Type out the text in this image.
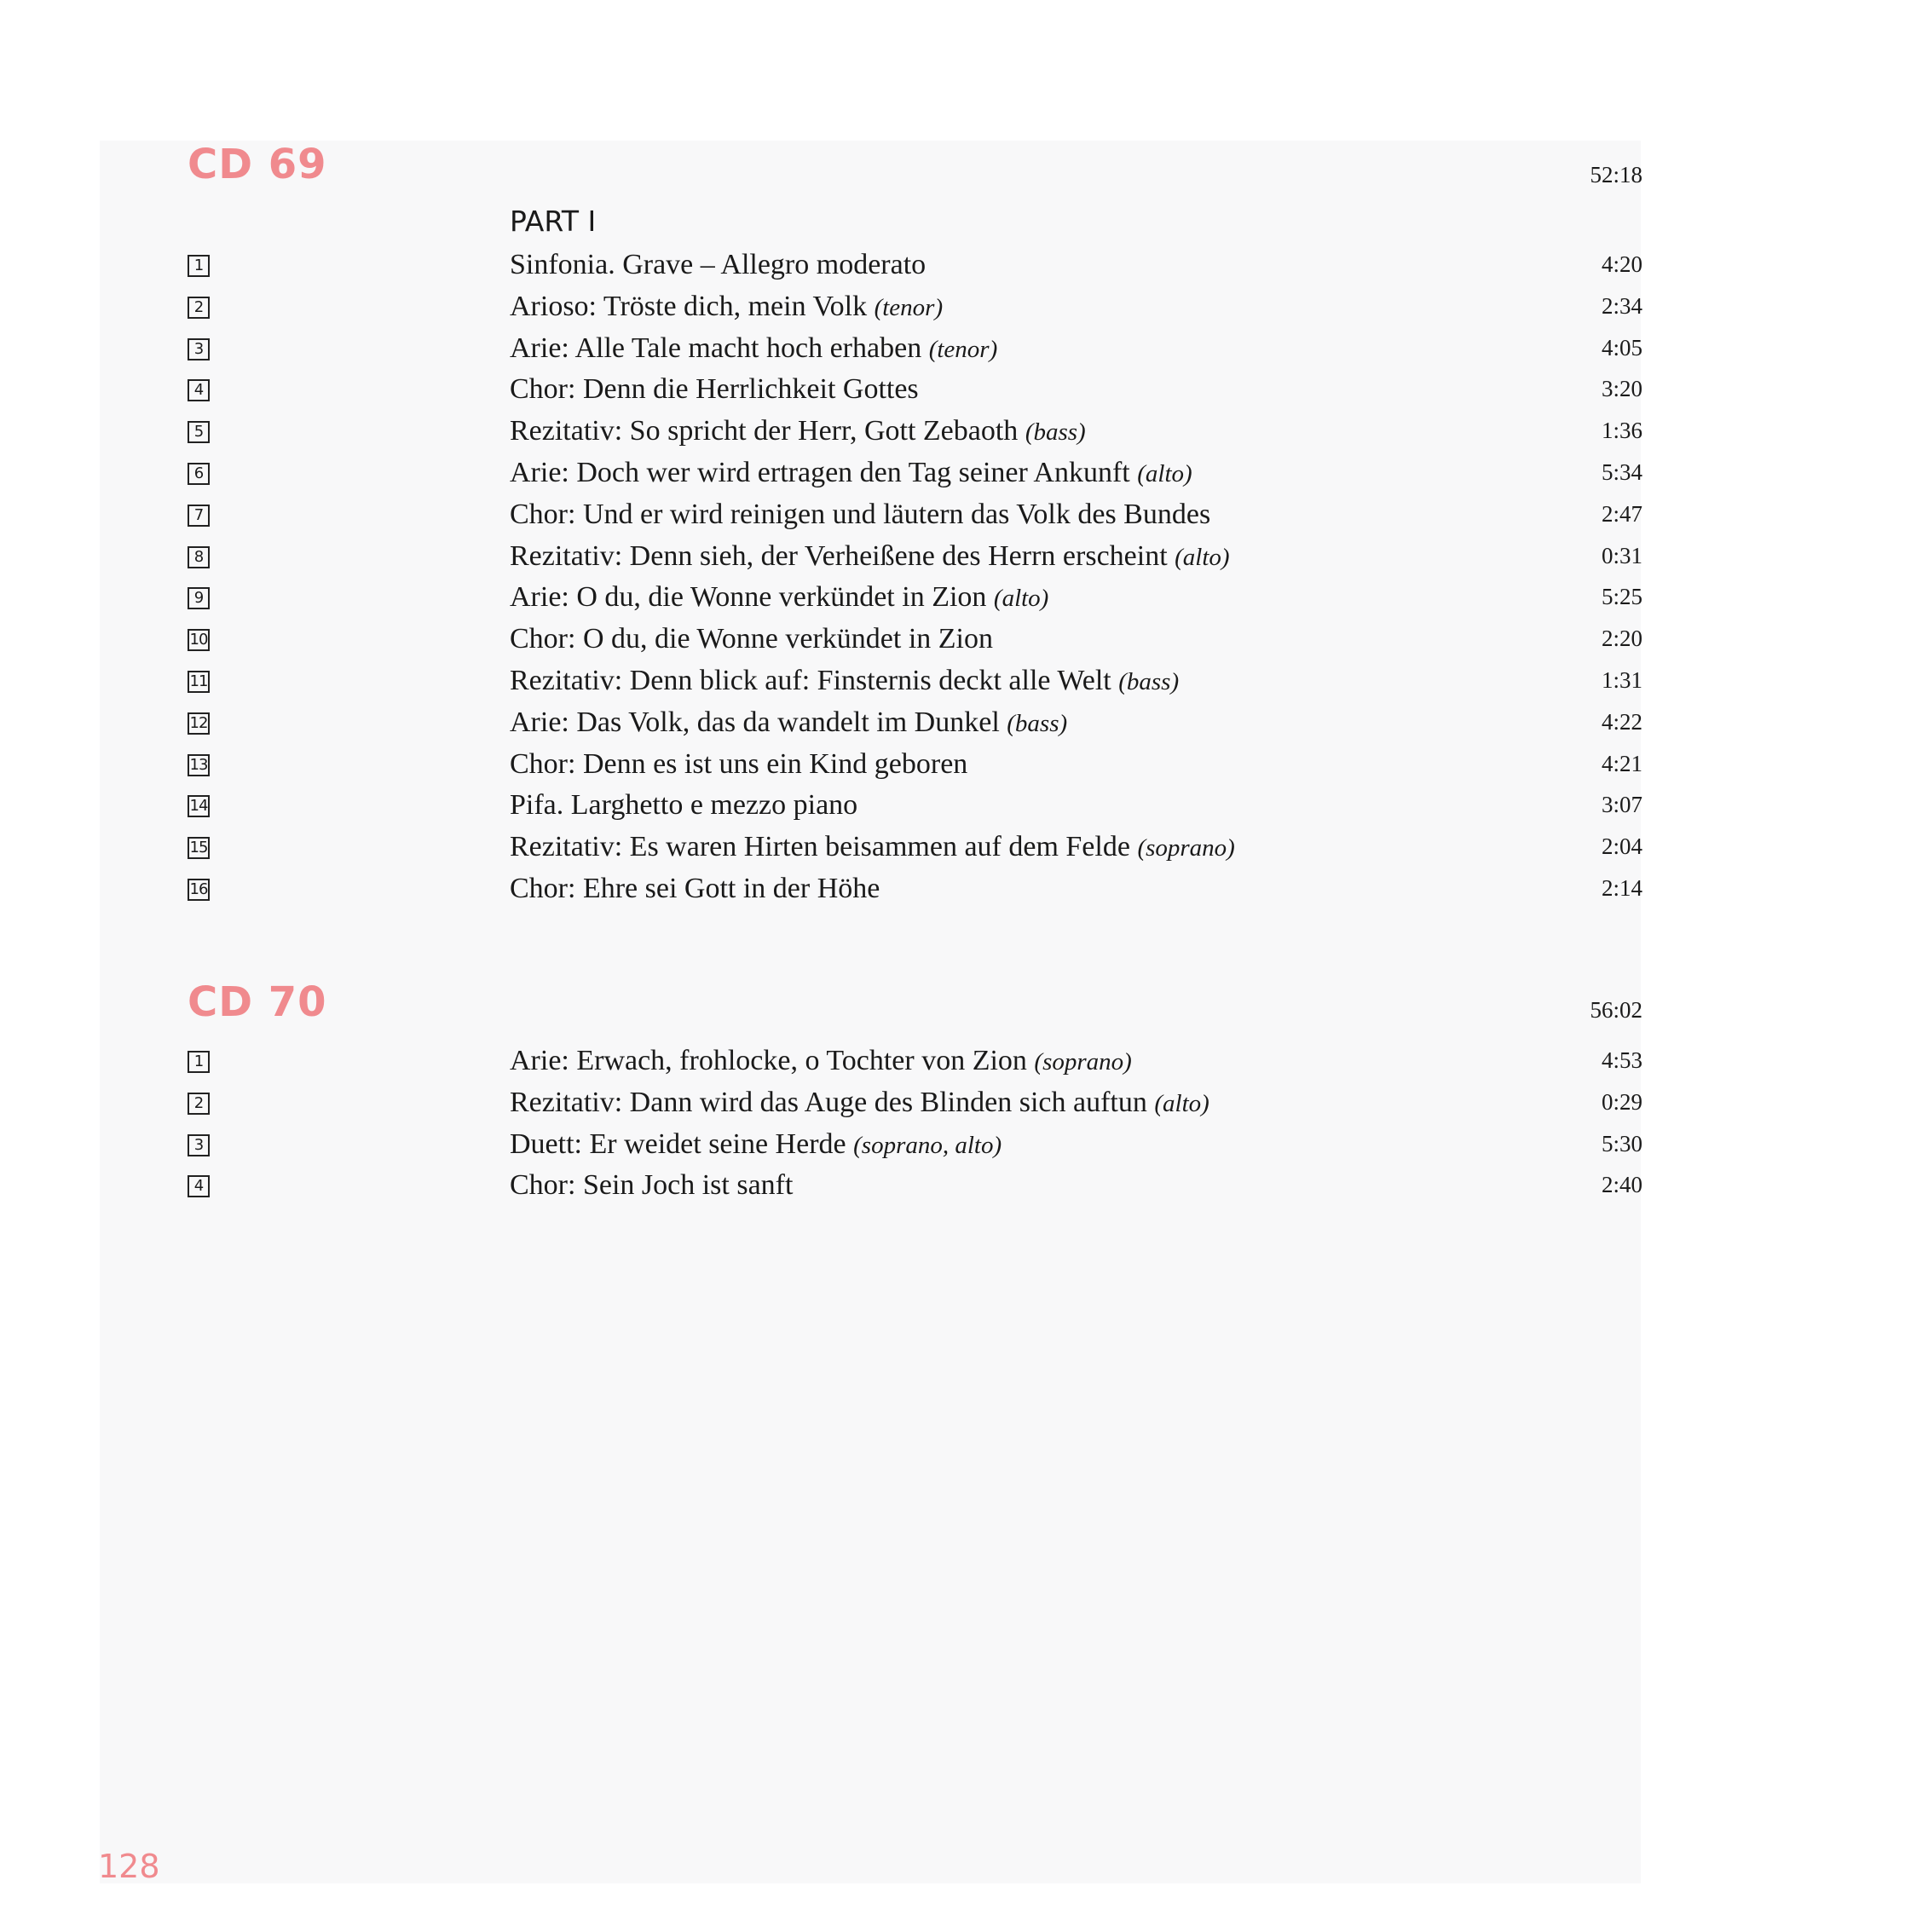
CD 69	52:18
PART I
1	Sinfonia. Grave – Allegro moderato	4:20
2	Arioso: Tröste dich, mein Volk (tenor)	2:34
3	Arie: Alle Tale macht hoch erhaben (tenor)	4:05
4	Chor: Denn die Herrlichkeit Gottes	3:20
5	Rezitativ: So spricht der Herr, Gott Zebaoth (bass)	1:36
6	Arie: Doch wer wird ertragen den Tag seiner Ankunft (alto)	5:34
7	Chor: Und er wird reinigen und läutern das Volk des Bundes	2:47
8	Rezitativ: Denn sieh, der Verheißene des Herrn erscheint (alto)	0:31
9	Arie: O du, die Wonne verkündet in Zion (alto)	5:25
10	Chor: O du, die Wonne verkündet in Zion	2:20
11	Rezitativ: Denn blick auf: Finsternis deckt alle Welt (bass)	1:31
12	Arie: Das Volk, das da wandelt im Dunkel (bass)	4:22
13	Chor: Denn es ist uns ein Kind geboren	4:21
14	Pifa. Larghetto e mezzo piano	3:07
15	Rezitativ: Es waren Hirten beisammen auf dem Felde (soprano)	2:04
16	Chor: Ehre sei Gott in der Höhe	2:14
CD 70	56:02
1	Arie: Erwach, frohlocke, o Tochter von Zion (soprano)	4:53
2	Rezitativ: Dann wird das Auge des Blinden sich auftun (alto)	0:29
3	Duett: Er weidet seine Herde (soprano, alto)	5:30
4	Chor: Sein Joch ist sanft	2:40
128
